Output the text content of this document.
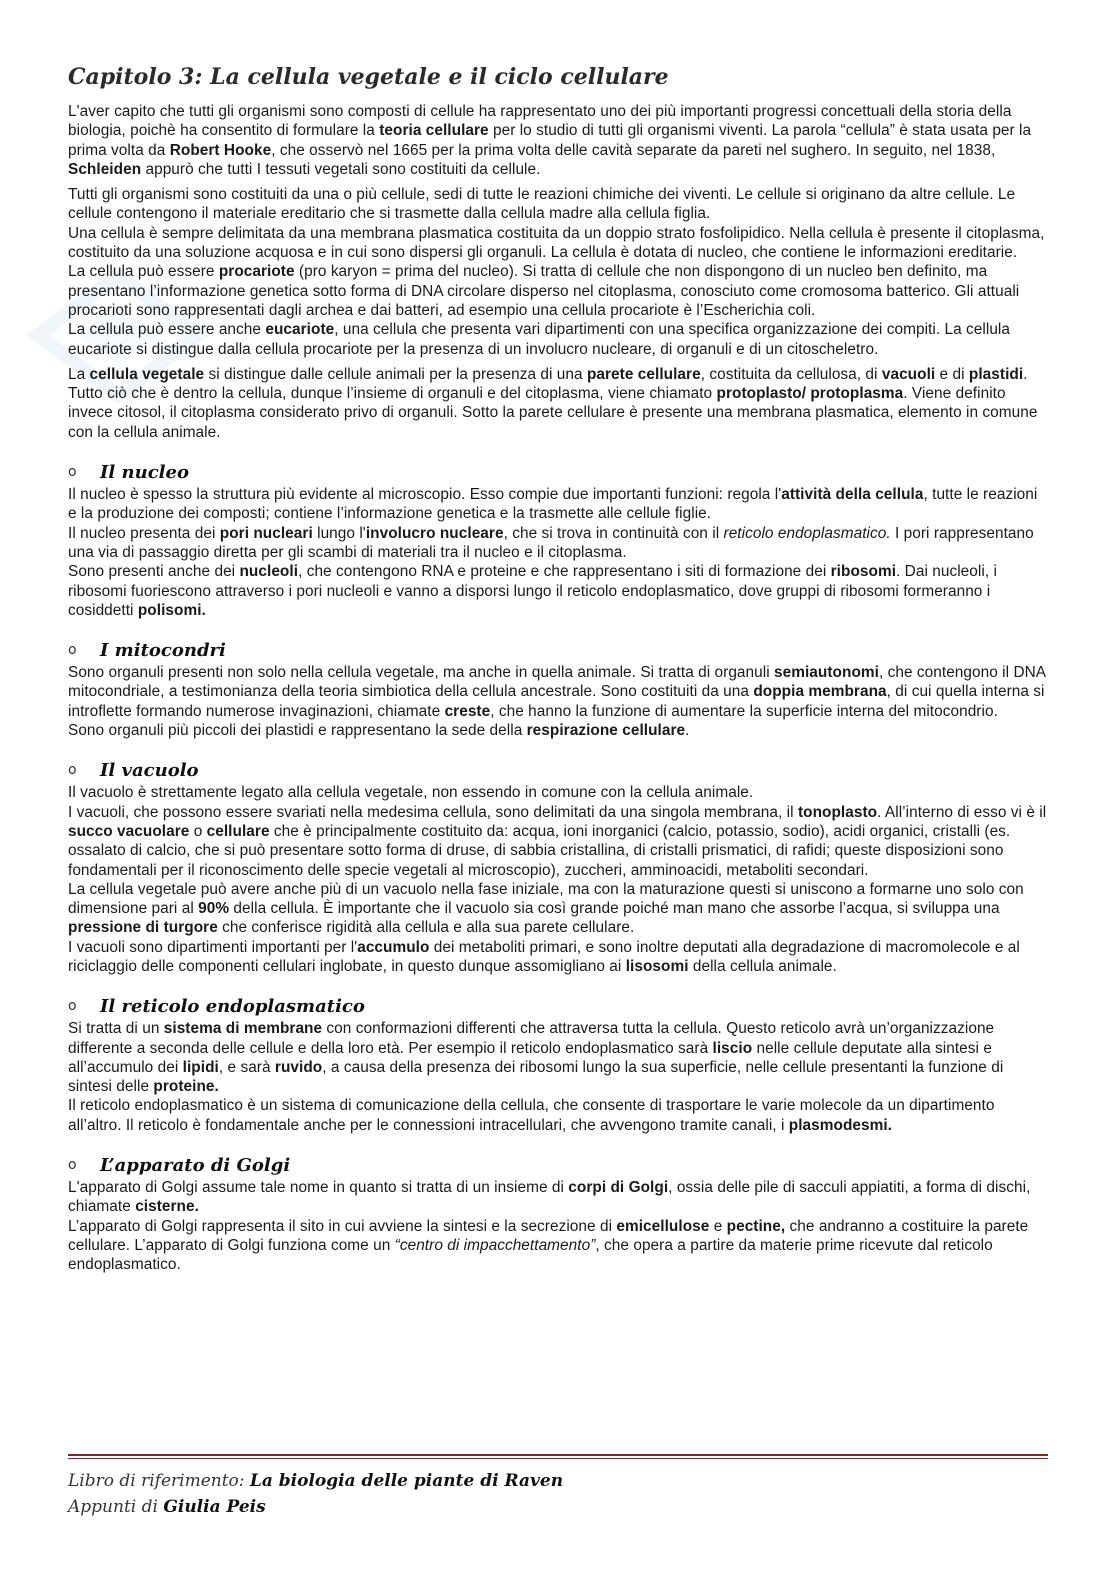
Capitolo 3: La cellula vegetale e il ciclo cellulare

L'aver capito che tutti gli organismi sono composti di cellule ha rappresentato uno dei più importanti progressi concettuali della storia della biologia, poichè ha consentito di formulare la teoria cellulare per lo studio di tutti gli organismi viventi. La parola “cellula” è stata usata per la prima volta da Robert Hooke, che osservò nel 1665 per la prima volta delle cavità separate da pareti nel sughero. In seguito, nel 1838, Schleiden appurò che tutti I tessuti vegetali sono costituiti da cellule.

Tutti gli organismi sono costituiti da una o più cellule, sedi di tutte le reazioni chimiche dei viventi. Le cellule si originano da altre cellule. Le cellule contengono il materiale ereditario che si trasmette dalla cellula madre alla cellula figlia.

Una cellula è sempre delimitata da una membrana plasmatica costituita da un doppio strato fosfolipidico. Nella cellula è presente il citoplasma, costituito da una soluzione acquosa e in cui sono dispersi gli organuli. La cellula è dotata di nucleo, che contiene le informazioni ereditarie.

La cellula può essere procariote (pro karyon = prima del nucleo). Si tratta di cellule che non dispongono di un nucleo ben definito, ma presentano l’informazione genetica sotto forma di DNA circolare disperso nel citoplasma, conosciuto come cromosoma batterico. Gli attuali procarioti sono rappresentati dagli archea e dai batteri, ad esempio una cellula procariote è l’Escherichia coli.

La cellula può essere anche eucariote, una cellula che presenta vari dipartimenti con una specifica organizzazione dei compiti. La cellula eucariote si distingue dalla cellula procariote per la presenza di un involucro nucleare, di organuli e di un citoscheletro.

La cellula vegetale si distingue dalle cellule animali per la presenza di una parete cellulare, costituita da cellulosa, di vacuoli e di plastidi. Tutto ciò che è dentro la cellula, dunque l’insieme di organuli e del citoplasma, viene chiamato protoplasto/ protoplasma. Viene definito invece citosol, il citoplasma considerato privo di organuli. Sotto la parete cellulare è presente una membrana plasmatica, elemento in comune con la cellula animale.

o	Il nucleo

Il nucleo è spesso la struttura più evidente al microscopio. Esso compie due importanti funzioni: regola l'attività della cellula, tutte le reazioni e la produzione dei composti; contiene l’informazione genetica e la trasmette alle cellule figlie.

Il nucleo presenta dei pori nucleari lungo l'involucro nucleare, che si trova in continuità con il reticolo endoplasmatico. I pori rappresentano una via di passaggio diretta per gli scambi di materiali tra il nucleo e il citoplasma.

Sono presenti anche dei nucleoli, che contengono RNA e proteine e che rappresentano i siti di formazione dei ribosomi. Dai nucleoli, i ribosomi fuoriescono attraverso i pori nucleoli e vanno a disporsi lungo il reticolo endoplasmatico, dove gruppi di ribosomi formeranno i cosiddetti polisomi.

o	I mitocondri

Sono organuli presenti non solo nella cellula vegetale, ma anche in quella animale. Si tratta di organuli semiautonomi, che contengono il DNA mitocondriale, a testimonianza della teoria simbiotica della cellula ancestrale. Sono costituiti da una doppia membrana, di cui quella interna si introflette formando numerose invaginazioni, chiamate creste, che hanno la funzione di aumentare la superficie interna del mitocondrio.

Sono organuli più piccoli dei plastidi e rappresentano la sede della respirazione cellulare.

o	Il vacuolo

Il vacuolo è strettamente legato alla cellula vegetale, non essendo in comune con la cellula animale.

I vacuoli, che possono essere svariati nella medesima cellula, sono delimitati da una singola membrana, il tonoplasto. All’interno di esso vi è il succo vacuolare o cellulare che è principalmente costituito da: acqua, ioni inorganici (calcio, potassio, sodio), acidi organici, cristalli (es. ossalato di calcio, che si può presentare sotto forma di druse, di sabbia cristallina, di cristalli prismatici, di rafidi; queste disposizioni sono fondamentali per il riconoscimento delle specie vegetali al microscopio), zuccheri, amminoacidi, metaboliti secondari.

La cellula vegetale può avere anche più di un vacuolo nella fase iniziale, ma con la maturazione questi si uniscono a formarne uno solo con dimensione pari al 90% della cellula. È importante che il vacuolo sia così grande poiché man mano che assorbe l’acqua, si sviluppa una pressione di turgore che conferisce rigidità alla cellula e alla sua parete cellulare.

I vacuoli sono dipartimenti importanti per l'accumulo dei metaboliti primari, e sono inoltre deputati alla degradazione di macromolecole e al riciclaggio delle componenti cellulari inglobate, in questo dunque assomigliano ai lisosomi della cellula animale.

o	Il reticolo endoplasmatico

Si tratta di un sistema di membrane con conformazioni differenti che attraversa tutta la cellula. Questo reticolo avrà un’organizzazione differente a seconda delle cellule e della loro età. Per esempio il reticolo endoplasmatico sarà liscio nelle cellule deputate alla sintesi e all’accumulo dei lipidi, e sarà ruvido, a causa della presenza dei ribosomi lungo la sua superficie, nelle cellule presentanti la funzione di sintesi delle proteine.

Il reticolo endoplasmatico è un sistema di comunicazione della cellula, che consente di trasportare le varie molecole da un dipartimento all’altro. Il reticolo è fondamentale anche per le connessioni intracellulari, che avvengono tramite canali, i plasmodesmi.

o	L’apparato di Golgi

L'apparato di Golgi assume tale nome in quanto si tratta di un insieme di corpi di Golgi, ossia delle pile di sacculi appiatiti, a forma di dischi, chiamate cisterne.

L’apparato di Golgi rappresenta il sito in cui avviene la sintesi e la secrezione di emicellulose e pectine, che andranno a costituire la parete cellulare. L’apparato di Golgi funziona come un “centro di impacchettamento”, che opera a partire da materie prime ricevute dal reticolo endoplasmatico.

Libro di riferimento: La biologia delle piante di Raven
Appunti di Giulia Peis
